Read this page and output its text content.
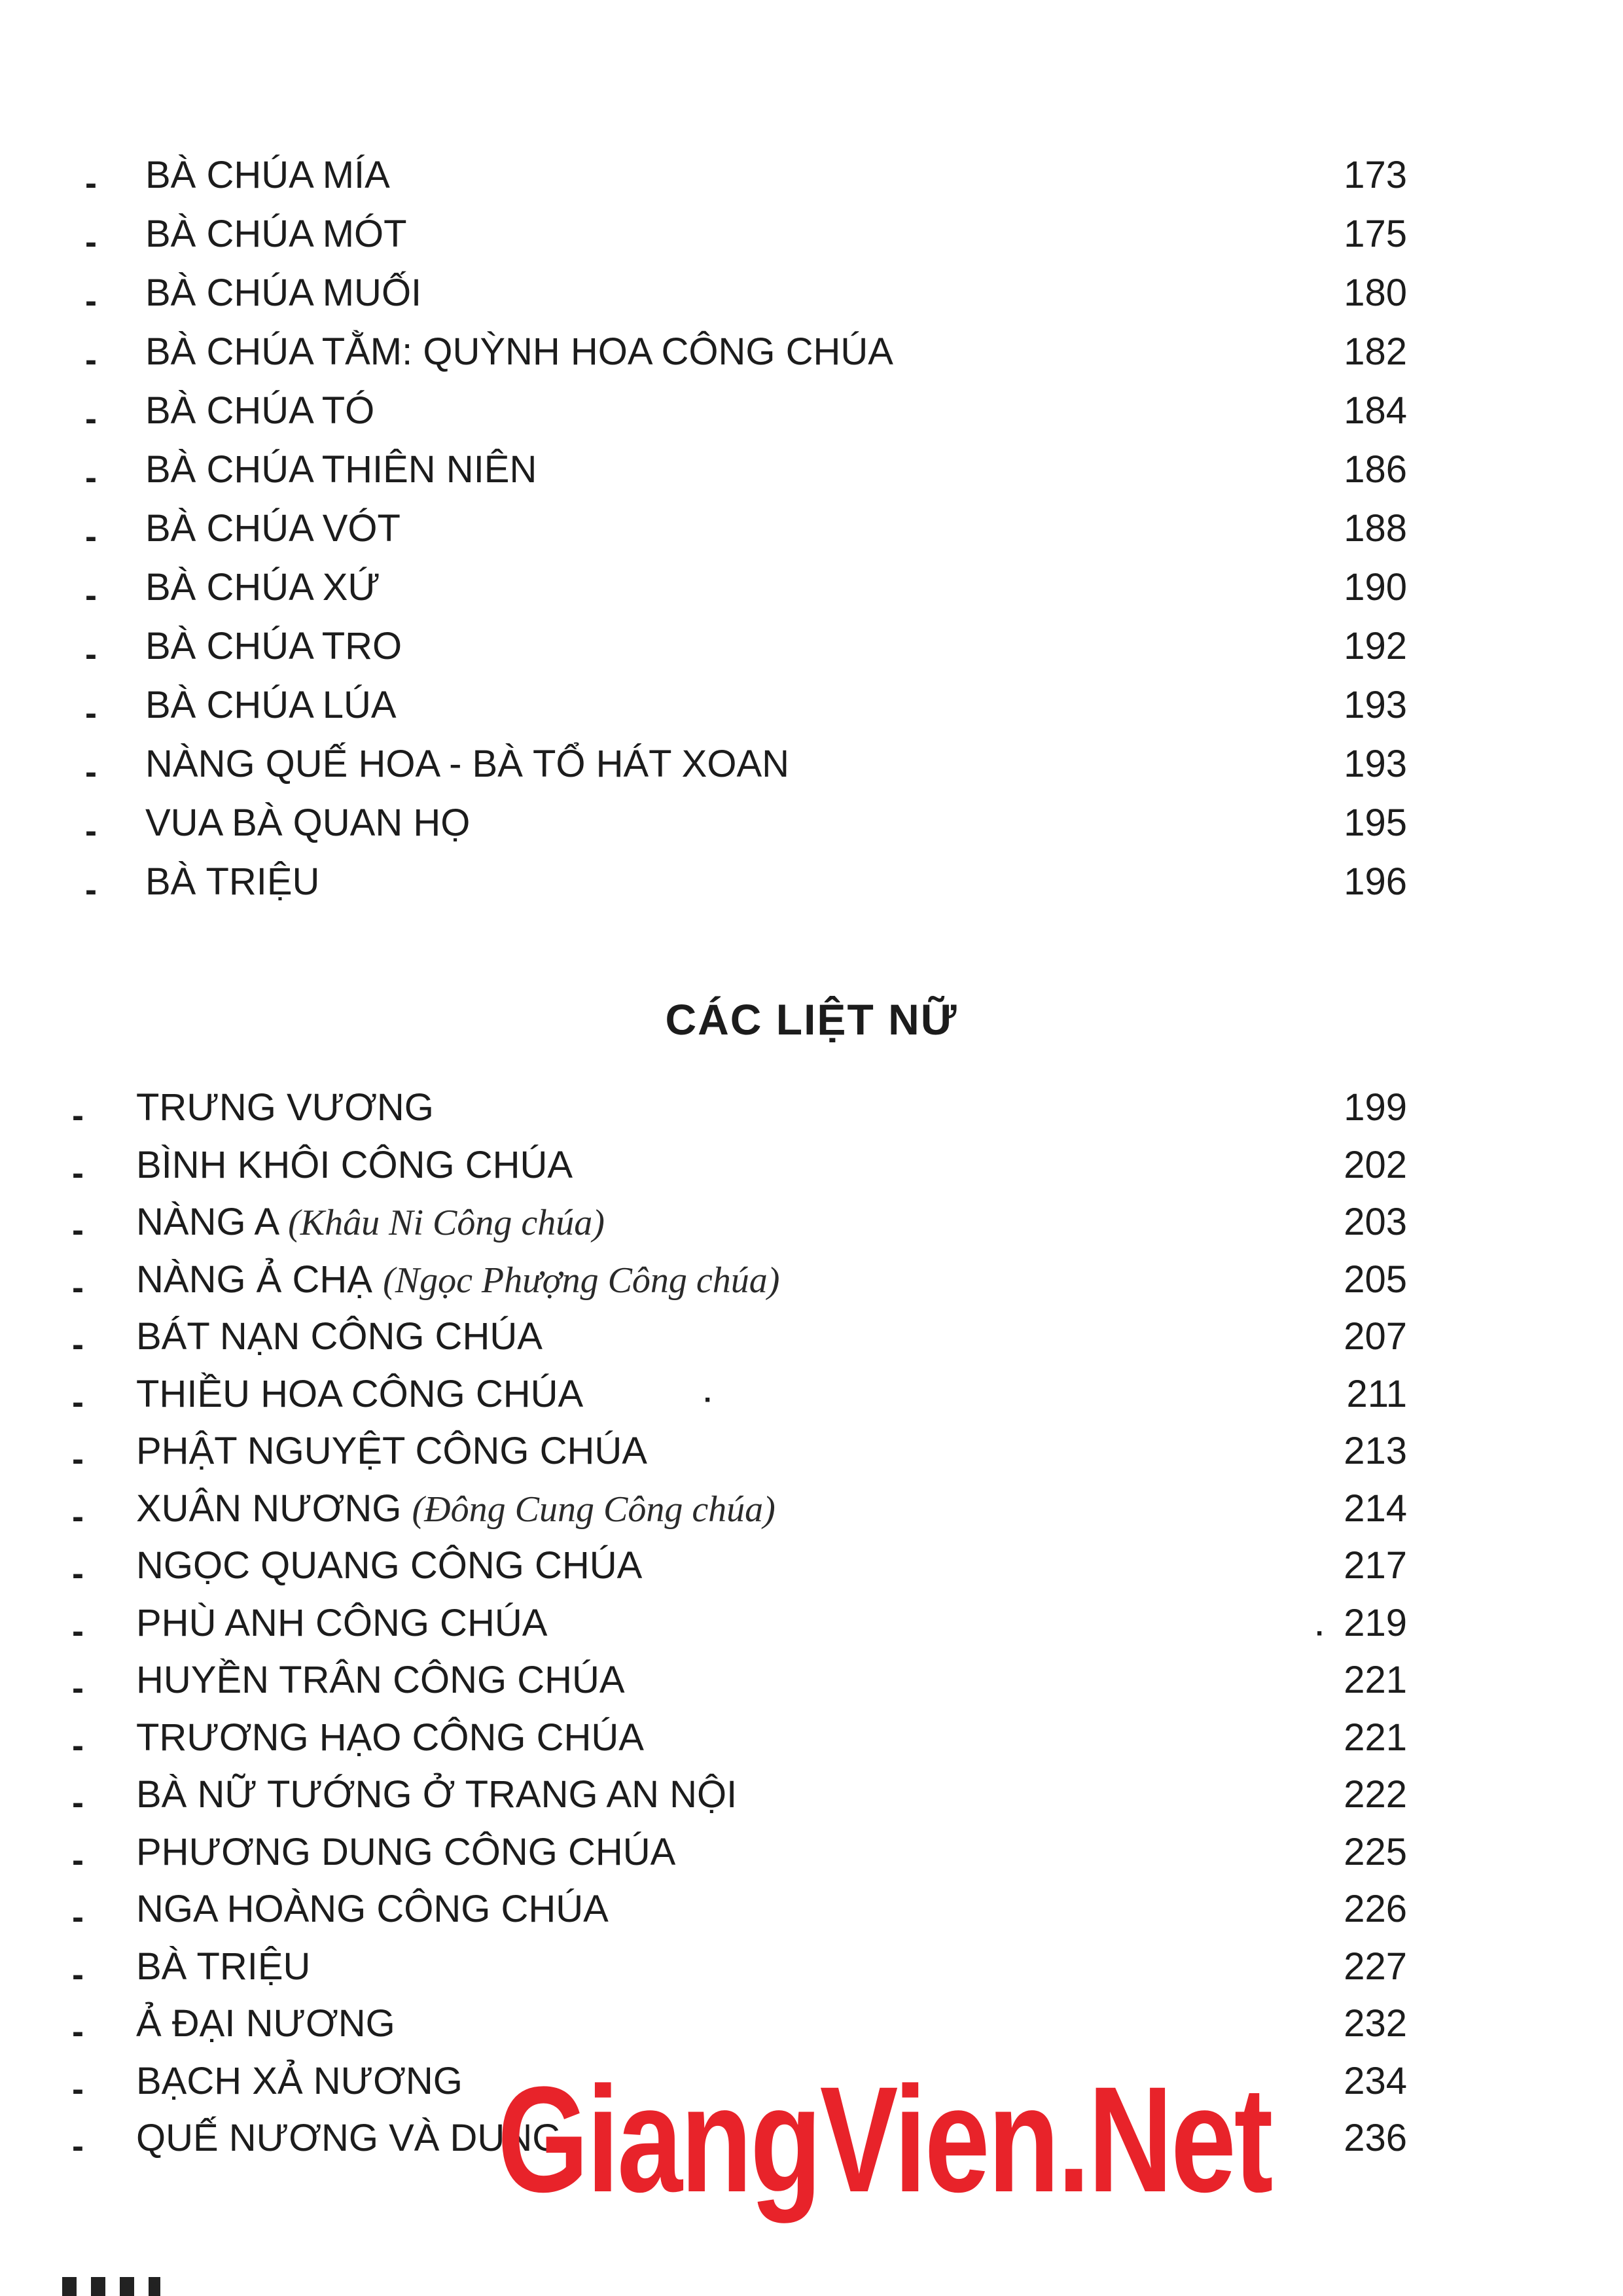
- BÀ CHÚA MÍA	173
- BÀ CHÚA MÓT	175
- BÀ CHÚA MUỐI	180
- BÀ CHÚA TẰM: QUỲNH HOA CÔNG CHÚA	182
- BÀ CHÚA TÓ	184
- BÀ CHÚA THIÊN NIÊN	186
- BÀ CHÚA VÓT	188
- BÀ CHÚA XỨ	190
- BÀ CHÚA TRO	192
- BÀ CHÚA LÚA	193
- NÀNG QUẾ HOA - BÀ TỔ HÁT XOAN	193
- VUA BÀ QUAN HỌ	195
- BÀ TRIỆU	196
CÁC LIỆT NỮ
- TRƯNG VƯƠNG	199
- BÌNH KHÔI CÔNG CHÚA	202
- NÀNG A (Khâu Ni Công chúa)	203
- NÀNG Ả CHẠ (Ngọc Phượng Công chúa)	205
- BÁT NẠN CÔNG CHÚA	207
- THIỀU HOA CÔNG CHÚA	211
- PHẬT NGUYỆT CÔNG CHÚA	213
- XUÂN NƯƠNG (Đông Cung Công chúa)	214
- NGỌC QUANG CÔNG CHÚA	217
- PHÙ ANH CÔNG CHÚA	219
- HUYỀN TRÂN CÔNG CHÚA	221
- TRƯƠNG HẠO CÔNG CHÚA	221
- BÀ NỮ TƯỚNG Ở TRANG AN NỘI	222
- PHƯƠNG DUNG CÔNG CHÚA	225
- NGA HOÀNG CÔNG CHÚA	226
- BÀ TRIỆU	227
- Ả ĐẠI NƯƠNG	232
- BẠCH XẢ NƯƠNG	234
- QUẾ NƯƠNG VÀ DUNG	236
·
·
GiangVien.Net
